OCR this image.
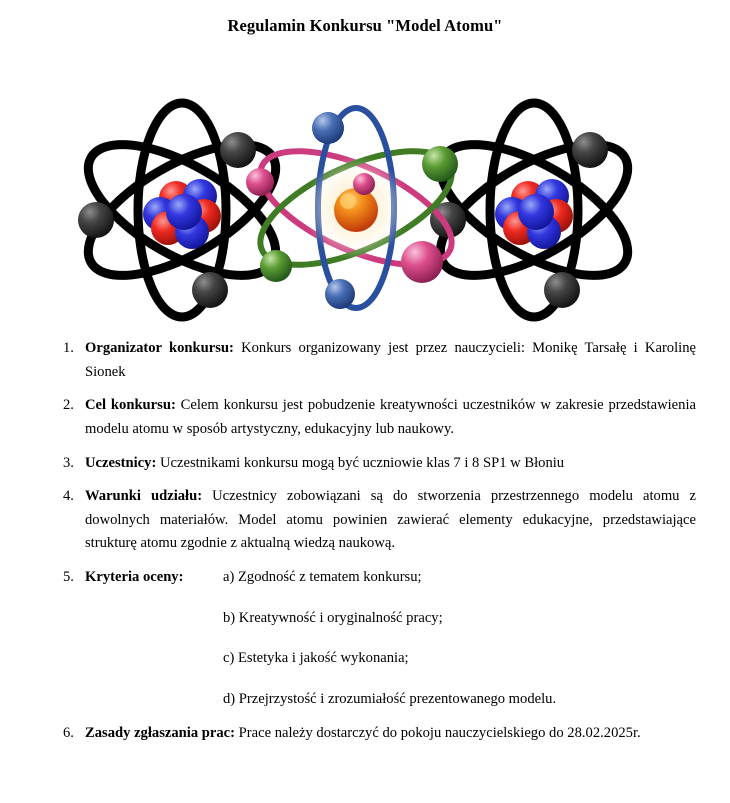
Regulamin Konkursu "Model Atomu"
1. Organizator konkursu: Konkurs organizowany jest przez nauczycieli: Monikę Tarsałę i Karolinę Sionek
2. Cel konkursu: Celem konkursu jest pobudzenie kreatywności uczestników w zakresie przedstawienia modelu atomu w sposób artystyczny, edukacyjny lub naukowy.
3. Uczestnicy: Uczestnikami konkursu mogą być uczniowie klas 7 i 8 SP1 w Błoniu
4. Warunki udziału: Uczestnicy zobowiązani są do stworzenia przestrzennego modelu atomu z dowolnych materiałów. Model atomu powinien zawierać elementy edukacyjne, przedstawiające strukturę atomu zgodnie z aktualną wiedzą naukową.
5. Kryteria oceny:	a) Zgodność z tematem konkursu;
b) Kreatywność i oryginalność pracy;
c) Estetyka i jakość wykonania;
d) Przejrzystość i zrozumiałość prezentowanego modelu.
6. Zasady zgłaszania prac: Prace należy dostarczyć do pokoju nauczycielskiego do 28.02.2025r.
